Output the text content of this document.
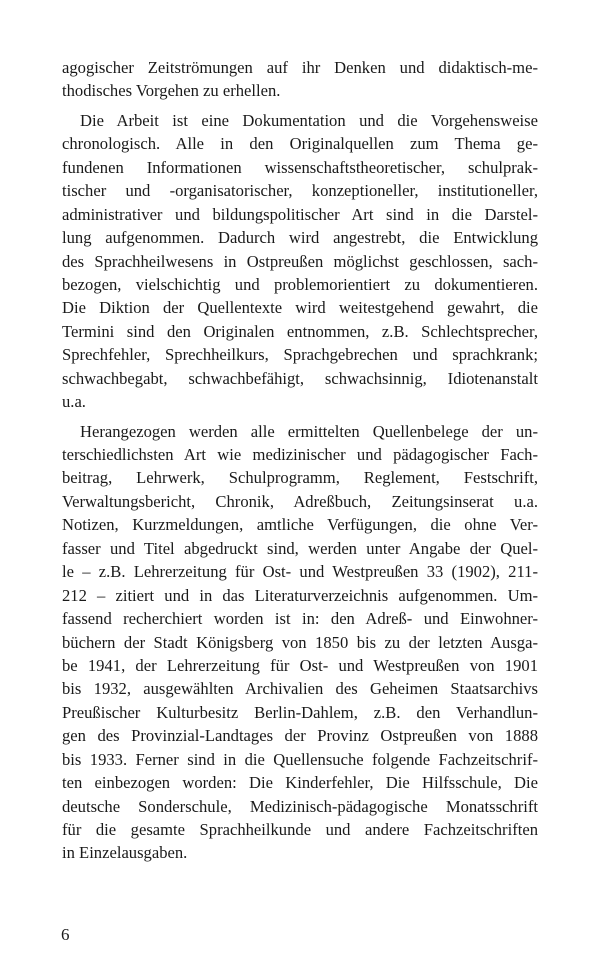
agogischer Zeitströmungen auf ihr Denken und didaktisch-me-
thodisches Vorgehen zu erhellen.
Die Arbeit ist eine Dokumentation und die Vorgehensweise
chronologisch. Alle in den Originalquellen zum Thema ge-
fundenen Informationen wissenschaftstheoretischer, schulprak-
tischer und -organisatorischer, konzeptioneller, institutioneller,
administrativer und bildungspolitischer Art sind in die Darstel-
lung aufgenommen. Dadurch wird angestrebt, die Entwicklung
des Sprachheilwesens in Ostpreußen möglichst geschlossen, sach-
bezogen, vielschichtig und problemorientiert zu dokumentieren.
Die Diktion der Quellentexte wird weitestgehend gewahrt, die
Termini sind den Originalen entnommen, z.B. Schlechtsprecher,
Sprechfehler, Sprechheilkurs, Sprachgebrechen und sprachkrank;
schwachbegabt, schwachbefähigt, schwachsinnig, Idiotenanstalt
u.a.
Herangezogen werden alle ermittelten Quellenbelege der un-
terschiedlichsten Art wie medizinischer und pädagogischer Fach-
beitrag, Lehrwerk, Schulprogramm, Reglement, Festschrift,
Verwaltungsbericht, Chronik, Adreßbuch, Zeitungsinserat u.a.
Notizen, Kurzmeldungen, amtliche Verfügungen, die ohne Ver-
fasser und Titel abgedruckt sind, werden unter Angabe der Quel-
le – z.B. Lehrerzeitung für Ost- und Westpreußen 33 (1902), 211-
212 – zitiert und in das Literaturverzeichnis aufgenommen. Um-
fassend recherchiert worden ist in: den Adreß- und Einwohner-
büchern der Stadt Königsberg von 1850 bis zu der letzten Ausga-
be 1941, der Lehrerzeitung für Ost- und Westpreußen von 1901
bis 1932, ausgewählten Archivalien des Geheimen Staatsarchivs
Preußischer Kulturbesitz Berlin-Dahlem, z.B. den Verhandlun-
gen des Provinzial-Landtages der Provinz Ostpreußen von 1888
bis 1933. Ferner sind in die Quellensuche folgende Fachzeitschrif-
ten einbezogen worden: Die Kinderfehler, Die Hilfsschule, Die
deutsche Sonderschule, Medizinisch-pädagogische Monatsschrift
für die gesamte Sprachheilkunde und andere Fachzeitschriften
in Einzelausgaben.
6
